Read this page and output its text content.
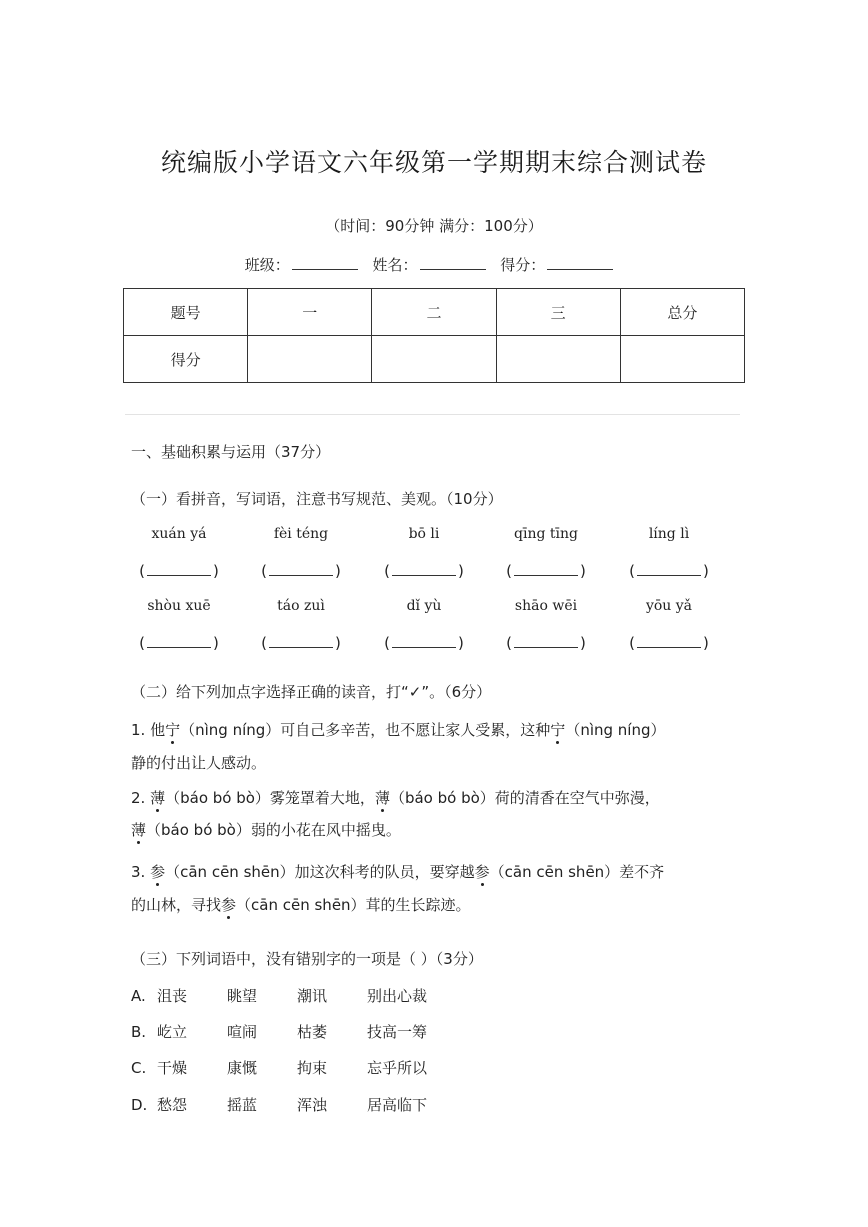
统编版小学语文六年级第一学期期末综合测试卷
（时间：90分钟 满分：100分）
班级：	姓名：	得分：
题号	一	二	三	总分
得分				
一、基础积累与运用（37分）
（一）看拼音，写词语，注意书写规范、美观。（10分）
xuán yá	fèi téng	bō li	qīng tīng	líng lì
(	)	(	)	(	)	(	)	(	)
shòu xuē	táo zuì	dǐ yù	shāo wēi	yōu yǎ
(	)	(	)	(	)	(	)	(	)
（二）给下列加点字选择正确的读音，打“✓”。（6分）
1. 他宁（nìng níng）可自己多辛苦，也不愿让家人受累，这种宁（nìng níng）
静的付出让人感动。
2. 薄（báo bó bò）雾笼罩着大地，薄（báo bó bò）荷的清香在空气中弥漫，
薄（báo bó bò）弱的小花在风中摇曳。
3. 参（cān cēn shēn）加这次科考的队员，要穿越参（cān cēn shēn）差不齐
的山林，寻找参（cān cēn shēn）茸的生长踪迹。
（三）下列词语中，没有错别字的一项是（ ）（3分）
A. 沮丧	眺望	潮讯	别出心裁
B. 屹立	喧闹	枯萎	技高一筹
C. 干燥	康慨	拘束	忘乎所以
D. 愁怨	摇蓝	浑浊	居高临下
